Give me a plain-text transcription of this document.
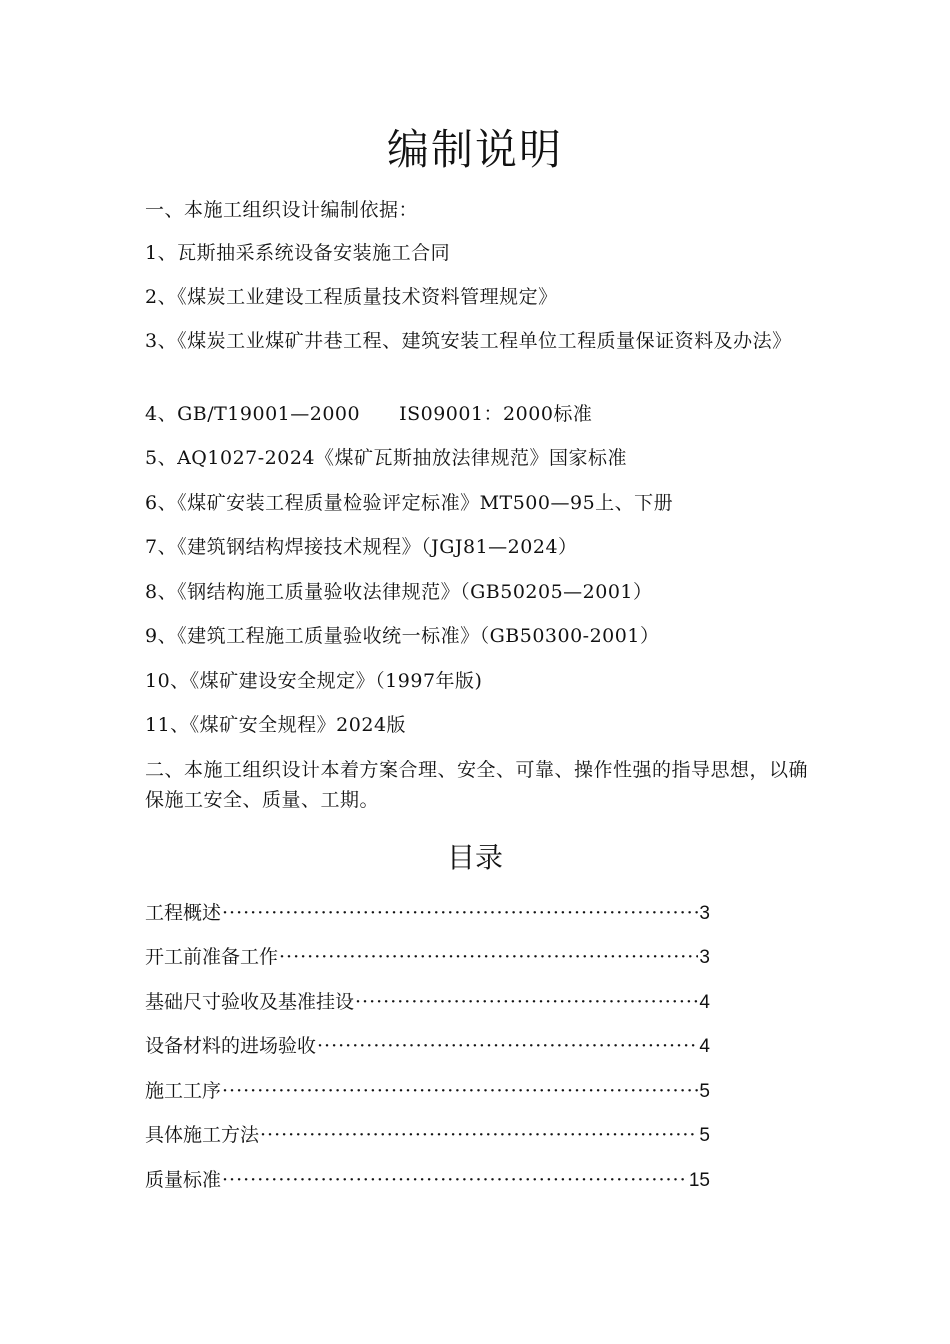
编制说明
一、本施工组织设计编制依据：
1、瓦斯抽采系统设备安装施工合同
2、《煤炭工业建设工程质量技术资料管理规定》
3、《煤炭工业煤矿井巷工程、建筑安装工程单位工程质量保证资料及办法》
4、GB/T19001—2000　　IS09001：2000标准
5、AQ1027-2024《煤矿瓦斯抽放法律规范》国家标准
6、《煤矿安装工程质量检验评定标准》MT500—95上、下册
7、《建筑钢结构焊接技术规程》（JGJ81—2024）
8、《钢结构施工质量验收法律规范》（GB50205—2001）
9、《建筑工程施工质量验收统一标准》（GB50300-2001）
10、《煤矿建设安全规定》（1997年版)
11、《煤矿安全规程》2024版
二、本施工组织设计本着方案合理、安全、可靠、操作性强的指导思想，以确保施工安全、质量、工期。
目录
工程概述 ·····	3
开工前准备工作 ·····	3
基础尺寸验收及基准挂设 ·····	4
设备材料的进场验收 ·····	4
施工工序 ·····	5
具体施工方法 ·····	5
质量标准 ·····	15
